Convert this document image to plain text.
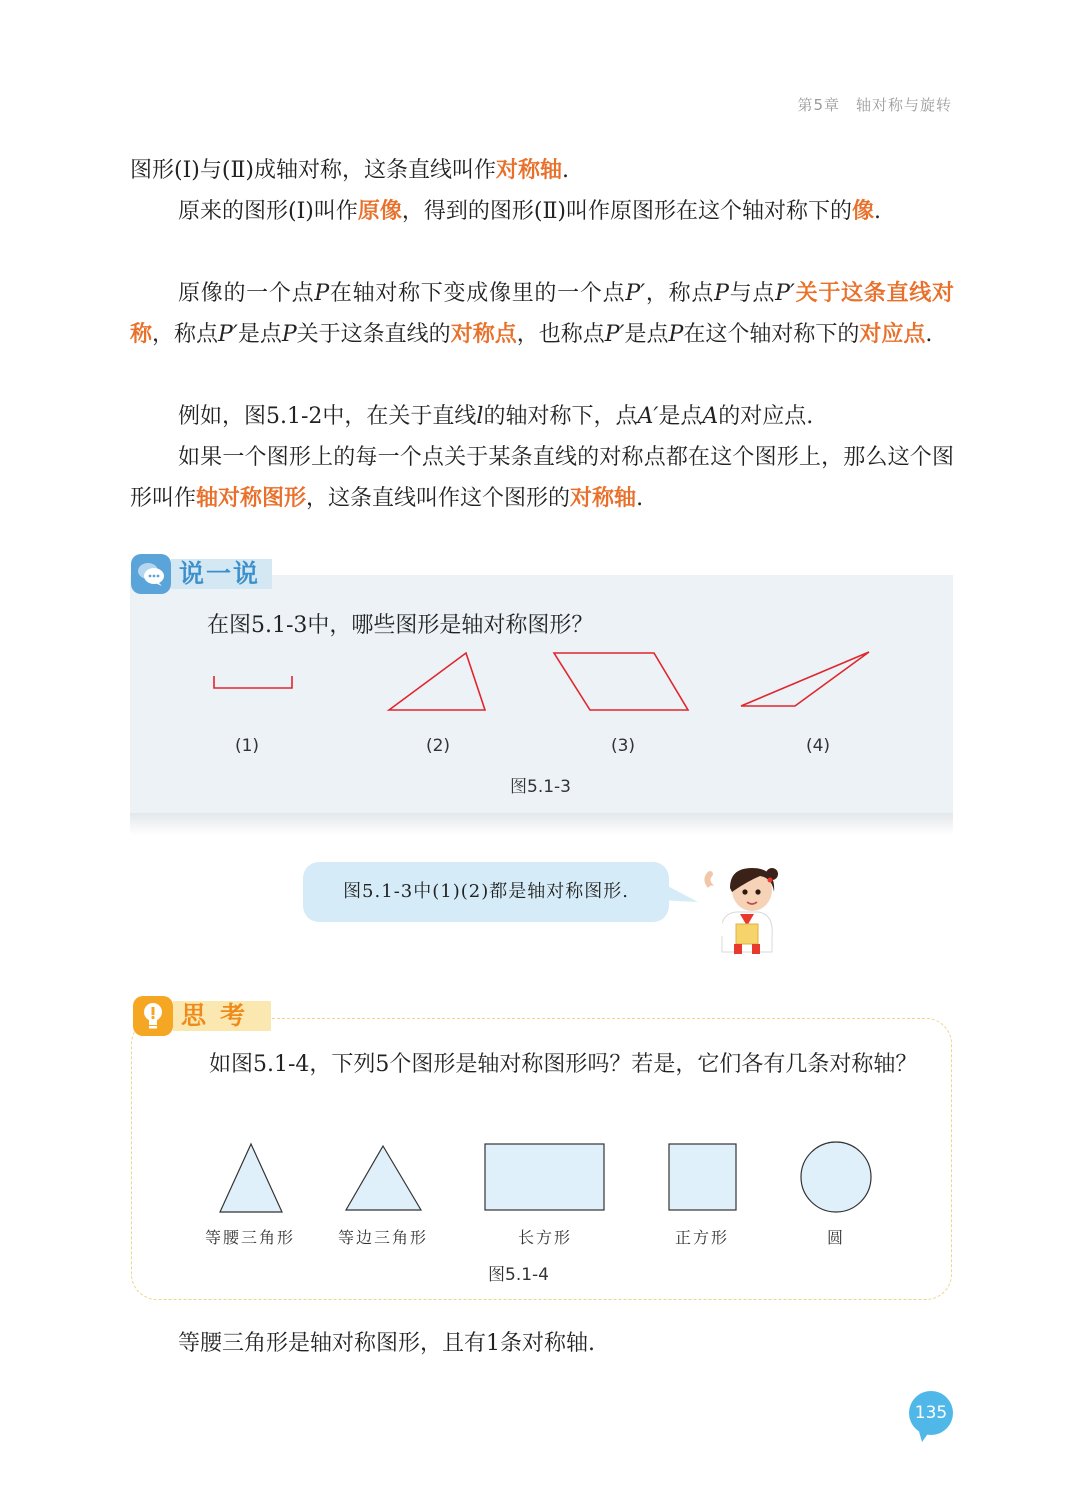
第5章 轴对称与旋转

图形(Ⅰ)与(Ⅱ)成轴对称，这条直线叫作对称轴.

原来的图形(Ⅰ)叫作原像，得到的图形(Ⅱ)叫作原图形在这个轴对称下的像.

原像的一个点P在轴对称下变成像里的一个点P′，称点P与点P′关于这条直线对称，称点P′是点P关于这条直线的对称点，也称点P′是点P在这个轴对称下的对应点.

例如，图5.1-2中，在关于直线l的轴对称下，点A′是点A的对应点.

如果一个图形上的每一个点关于某条直线的对称点都在这个图形上，那么这个图形叫作轴对称图形，这条直线叫作这个图形的对称轴.

说一说
在图5.1-3中，哪些图形是轴对称图形？
(1)	(2)	(3)	(4)
图5.1-3
图5.1-3中(1)(2)都是轴对称图形.
思考

如图5.1-4，下列5个图形是轴对称图形吗？若是，它们各有几条对称轴？

等腰三角形	等边三角形	长方形	正方形	圆
图5.1-4

等腰三角形是轴对称图形，且有1条对称轴.

135
